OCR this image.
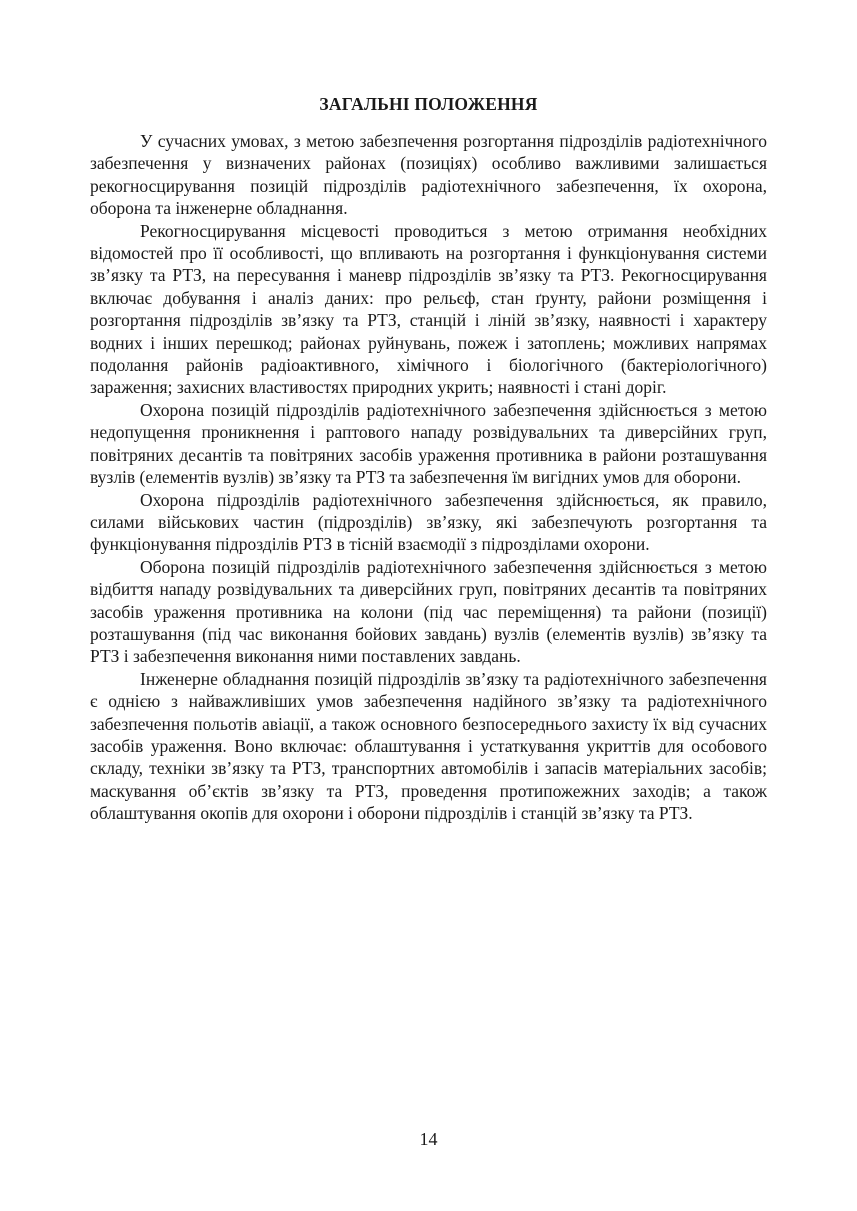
ЗАГАЛЬНІ ПОЛОЖЕННЯ

У сучасних умовах, з метою забезпечення розгортання підрозділів радіотехнічного забезпечення у визначених районах (позиціях) особливо важливими залишається рекогносцирування позицій підрозділів радіотехнічного забезпечення, їх охорона, оборона та інженерне обладнання.

Рекогносцирування місцевості проводиться з метою отримання необхідних відомостей про її особливості, що впливають на розгортання і функціонування системи зв’язку та РТЗ, на пересування і маневр підрозділів зв’язку та РТЗ. Рекогносцирування включає добування і аналіз даних: про рельєф, стан ґрунту, райони розміщення і розгортання підрозділів зв’язку та РТЗ, станцій і ліній зв’язку, наявності і характеру водних і інших перешкод; районах руйнувань, пожеж і затоплень; можливих напрямах подолання районів радіоактивного, хімічного і біологічного (бактеріологічного) зараження; захисних властивостях природних укрить; наявності і стані доріг.

Охорона позицій підрозділів радіотехнічного забезпечення здійснюється з метою недопущення проникнення і раптового нападу розвідувальних та диверсійних груп, повітряних десантів та повітряних засобів ураження противника в райони розташування вузлів (елементів вузлів) зв’язку та РТЗ та забезпечення їм вигідних умов для оборони.

Охорона підрозділів радіотехнічного забезпечення здійснюється, як правило, силами військових частин (підрозділів) зв’язку, які забезпечують розгортання та функціонування підрозділів РТЗ в тісній взаємодії з підрозділами охорони.

Оборона позицій підрозділів радіотехнічного забезпечення здійснюється з метою відбиття нападу розвідувальних та диверсійних груп, повітряних десантів та повітряних засобів ураження противника на колони (під час переміщення) та райони (позиції) розташування (під час виконання бойових завдань) вузлів (елементів вузлів) зв’язку та РТЗ і забезпечення виконання ними поставлених завдань.

Інженерне обладнання позицій підрозділів зв’язку та радіотехнічного забезпечення є однією з найважливіших умов забезпечення надійного зв’язку та радіотехнічного забезпечення польотів авіації, а також основного безпосереднього захисту їх від сучасних засобів ураження. Воно включає: облаштування і устаткування укриттів для особового складу, техніки зв’язку та РТЗ, транспортних автомобілів і запасів матеріальних засобів; маскування об’єктів зв’язку та РТЗ, проведення протипожежних заходів; а також облаштування окопів для охорони і оборони підрозділів і станцій зв’язку та РТЗ.

14
